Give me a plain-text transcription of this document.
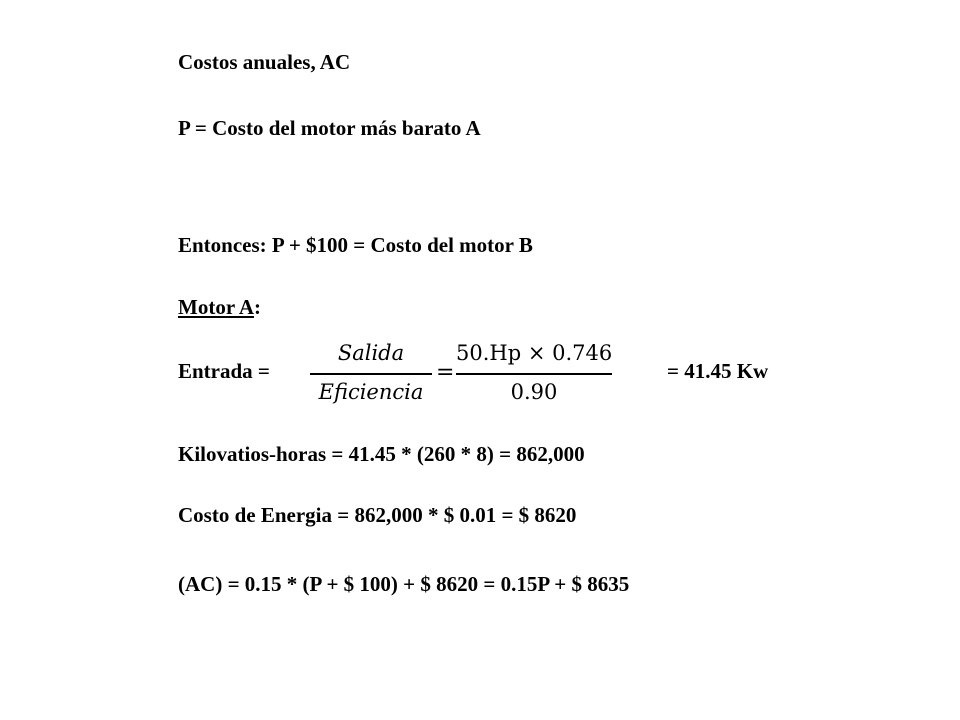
Costos anuales, AC
P = Costo del motor más barato A
Entonces: P + $100 = Costo del motor B
Motor A:
Entrada =
Salida
Eficiencia
=
50.Hp × 0.746
0.90
= 41.45 Kw
Kilovatios-horas = 41.45 * (260 * 8) = 862,000
Costo de Energia = 862,000 * $ 0.01 = $ 8620
(AC) = 0.15 * (P + $ 100) + $ 8620 = 0.15P + $ 8635
